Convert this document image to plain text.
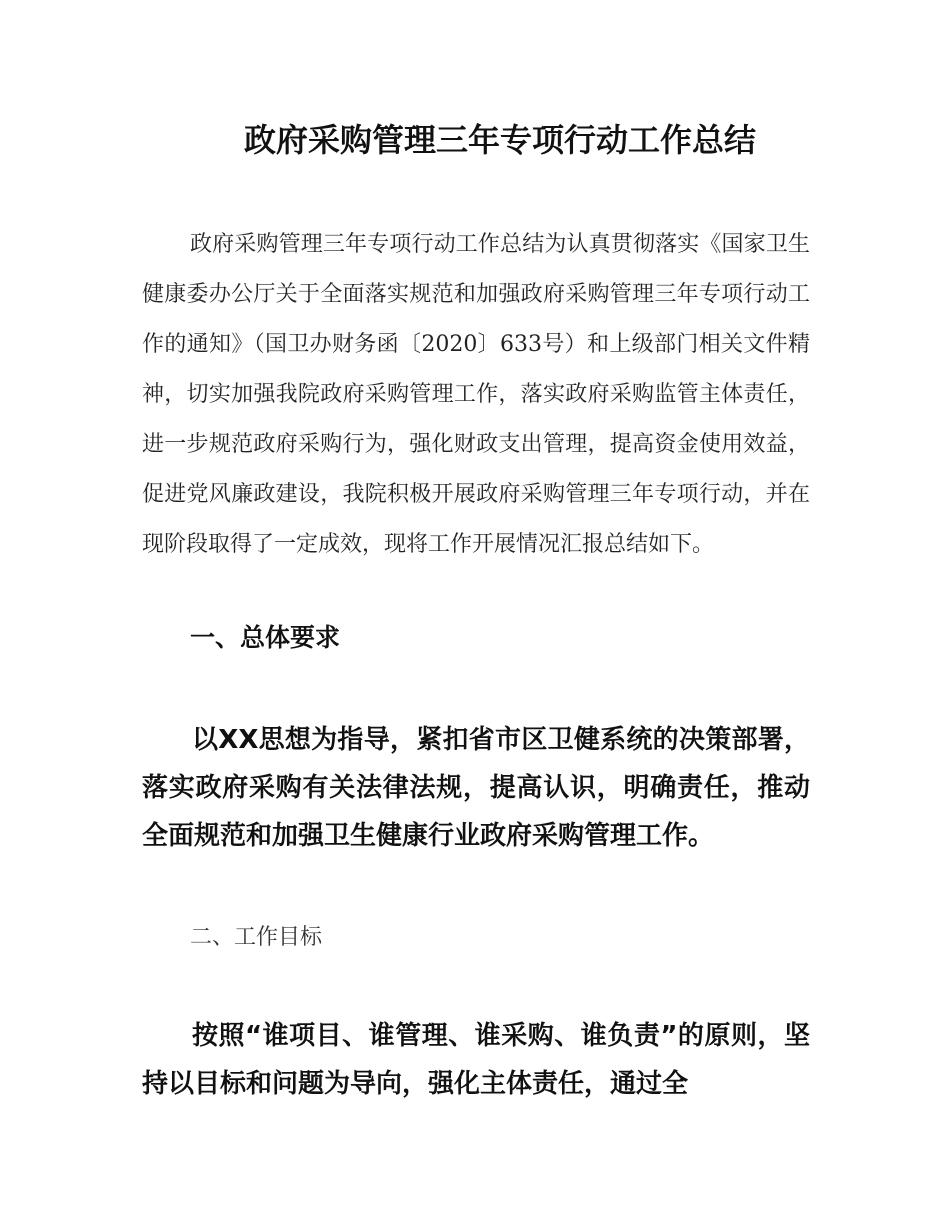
政府采购管理三年专项行动工作总结

政府采购管理三年专项行动工作总结为认真贯彻落实《国家卫生健康委办公厅关于全面落实规范和加强政府采购管理三年专项行动工作的通知》（国卫办财务函〔2020〕633号）和上级部门相关文件精神，切实加强我院政府采购管理工作，落实政府采购监管主体责任，进一步规范政府采购行为，强化财政支出管理，提高资金使用效益，促进党风廉政建设，我院积极开展政府采购管理三年专项行动，并在现阶段取得了一定成效，现将工作开展情况汇报总结如下。

一、总体要求

以XX思想为指导，紧扣省市区卫健系统的决策部署，落实政府采购有关法律法规，提高认识，明确责任，推动全面规范和加强卫生健康行业政府采购管理工作。

二、工作目标

按照“谁项目、谁管理、谁采购、谁负责”的原则，坚持以目标和问题为导向，强化主体责任，通过全
